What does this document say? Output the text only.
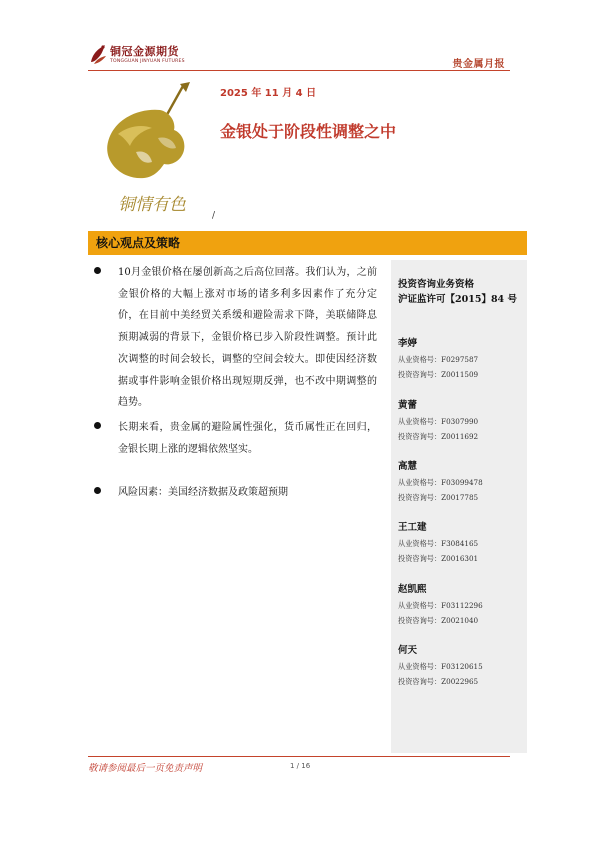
铜冠金源期货
TONGGUAN JINYUAN FUTURES	贵金属月报
铜情有色
/
2025 年 11 月 4 日
金银处于阶段性调整之中
核心观点及策略
10月金银价格在屡创新高之后高位回落。我们认为，之前金银价格的大幅上涨对市场的诸多利多因素作了充分定价，在目前中美经贸关系缓和避险需求下降，美联储降息预期减弱的背景下，金银价格已步入阶段性调整。预计此次调整的时间会较长，调整的空间会较大。即使因经济数据或事件影响金银价格出现短期反弹，也不改中期调整的趋势。
长期来看，贵金属的避险属性强化，货币属性正在回归，金银长期上涨的逻辑依然坚实。
风险因素：美国经济数据及政策超预期
投资咨询业务资格
沪证监许可【2015】84 号
李婷
从业资格号：F0297587
投资咨询号：Z0011509
黄蕾
从业资格号：F0307990
投资咨询号：Z0011692
高慧
从业资格号：F03099478
投资咨询号：Z0017785
王工建
从业资格号：F3084165
投资咨询号：Z0016301
赵凯熙
从业资格号：F03112296
投资咨询号：Z0021040
何天
从业资格号：F03120615
投资咨询号：Z0022965
敬请参阅最后一页免责声明	1 / 16
